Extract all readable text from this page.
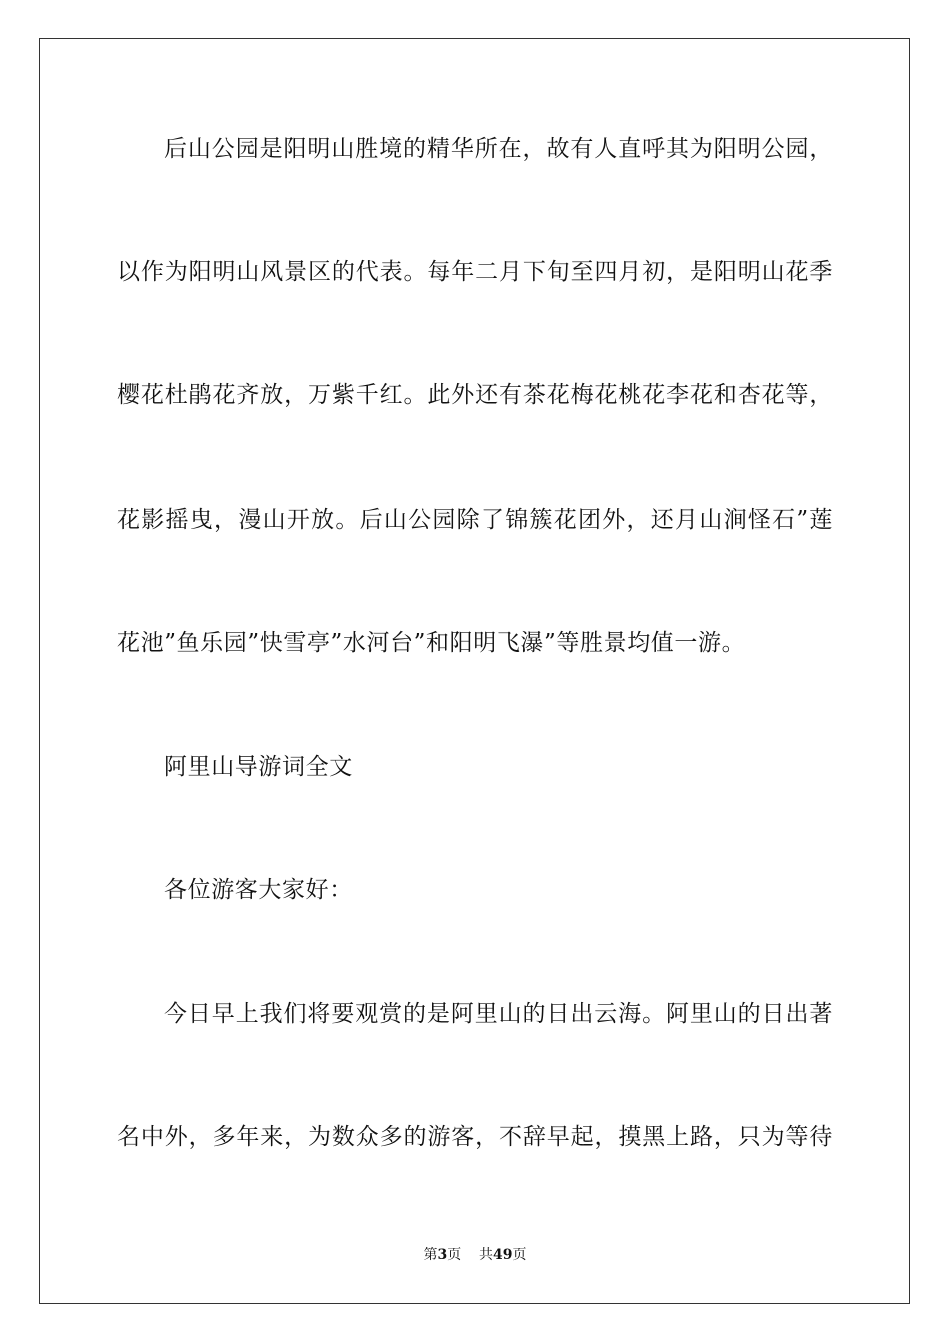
后山公园是阳明山胜境的精华所在，故有人直呼其为阳明公园，
以作为阳明山风景区的代表。每年二月下旬至四月初，是阳明山花季
樱花杜鹃花齐放，万紫千红。此外还有茶花梅花桃花李花和杏花等，
花影摇曳，漫山开放。后山公园除了锦簇花团外，还月山涧怪石”莲
花池”鱼乐园”快雪亭”水河台”和阳明飞瀑”等胜景均值一游。
阿里山导游词全文
各位游客大家好：
今日早上我们将要观赏的是阿里山的日出云海。阿里山的日出著
名中外，多年来，为数众多的游客，不辞早起，摸黑上路，只为等待
第3页 共49页
